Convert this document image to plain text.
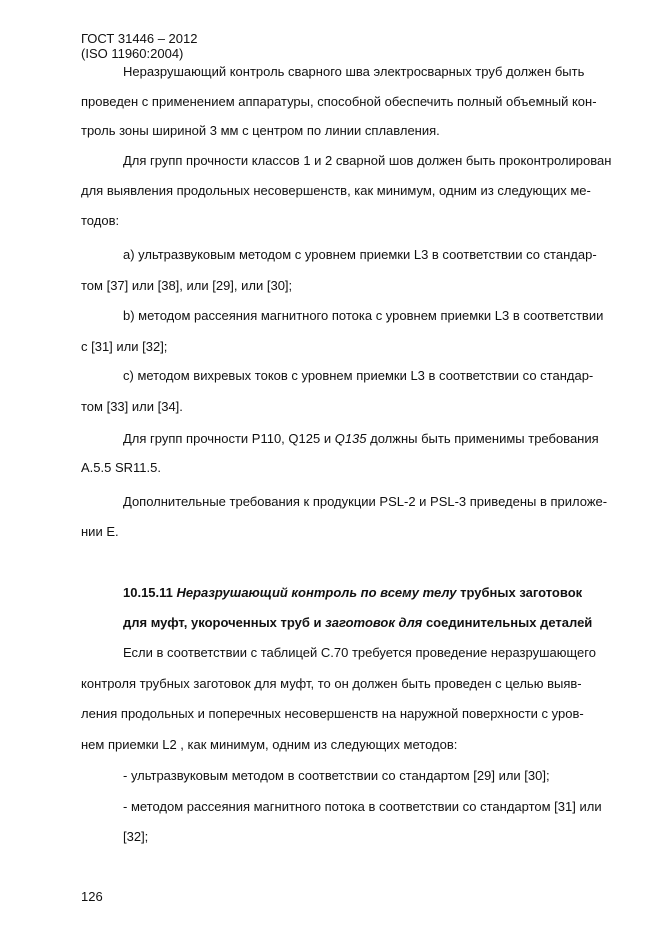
ГОСТ 31446 – 2012
(ISO 11960:2004)
Неразрушающий контроль сварного шва электросварных труб должен быть
проведен с применением аппаратуры, способной обеспечить полный объемный кон-
троль зоны шириной 3 мм с центром по линии сплавления.
Для групп прочности классов 1 и 2 сварной шов должен быть проконтролирован
для выявления продольных несовершенств, как минимум, одним из следующих ме-
тодов:
a) ультразвуковым методом с уровнем приемки L3 в соответствии со стандар-
том [37] или [38], или [29], или [30];
b) методом рассеяния магнитного потока с уровнем приемки L3 в соответствии
с [31] или [32];
c) методом вихревых токов с уровнем приемки L3 в соответствии со стандар-
том [33] или [34].
Для групп прочности P110, Q125 и Q135 должны быть применимы требования
A.5.5 SR11.5.
Дополнительные требования к продукции PSL-2 и PSL-3 приведены в приложе-
нии Е.
10.15.11 Неразрушающий контроль по всему телу трубных заготовок
для муфт, укороченных труб и заготовок для соединительных деталей
Если в соответствии с таблицей С.70 требуется проведение неразрушающего
контроля трубных заготовок для муфт, то он должен быть проведен с целью выяв-
ления продольных и поперечных несовершенств на наружной поверхности с уров-
нем приемки L2 , как минимум, одним из следующих методов:
- ультразвуковым методом в соответствии со стандартом [29] или [30];
- методом рассеяния магнитного потока в соответствии со стандартом [31] или
[32];
126
